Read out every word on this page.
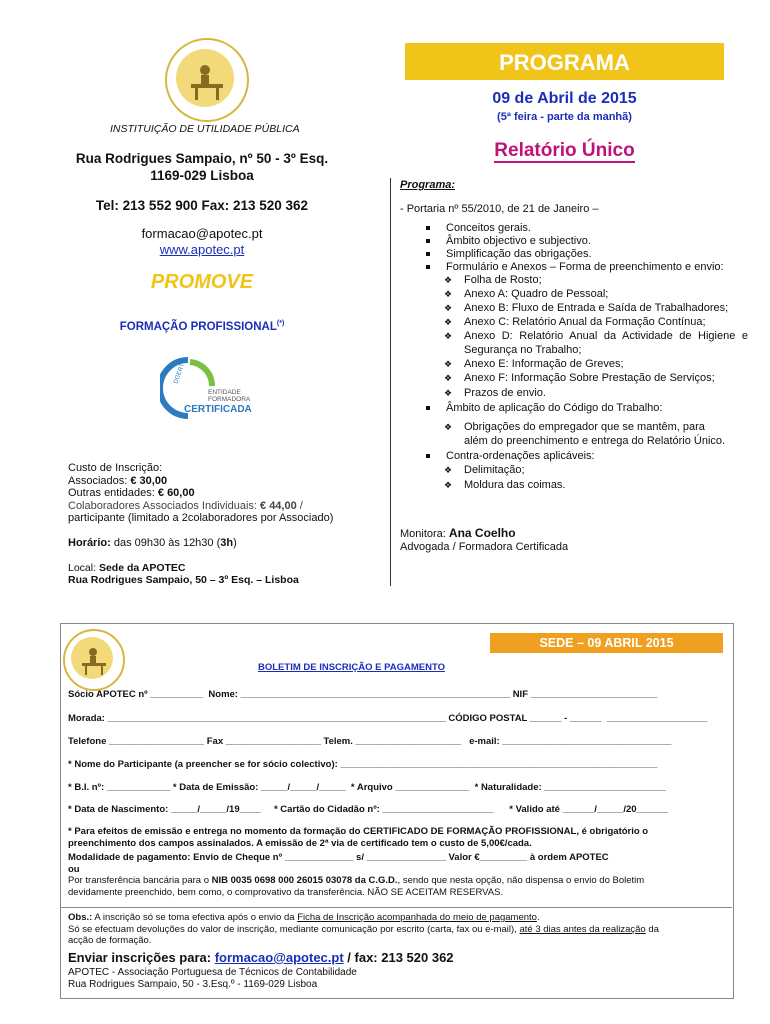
INSTITUIÇÃO DE UTILIDADE PÚBLICA
Rua Rodrigues Sampaio, nº 50 - 3º Esq.
1169-029 Lisboa
Tel: 213 552 900 Fax: 213 520 362
formacao@apotec.pt
www.apotec.pt
PROMOVE
FORMAÇÃO PROFISSIONAL(*)
DGERT
ENTIDADE
FORMADORA
CERTIFICADA
Custo de Inscrição:
Associados: € 30,00
Outras entidades: € 60,00
Colaboradores Associados Individuais: € 44,00 /
participante (limitado a 2colaboradores por Associado)
Horário: das 09h30 às 12h30 (3h)
Local: Sede da APOTEC
Rua Rodrigues Sampaio, 50 – 3º Esq. – Lisboa
PROGRAMA
09 de Abril de 2015
(5ª feira - parte da manhã)
Relatório Único
Programa:
- Portaria nº 55/2010, de 21 de Janeiro –
Conceitos gerais.
Âmbito objectivo e subjectivo.
Simplificação das obrigações.
Formulário e Anexos – Forma de preenchimento e envio:
❖ Folha de Rosto;
❖ Anexo A: Quadro de Pessoal;
❖ Anexo B: Fluxo de Entrada e Saída de Trabalhadores;
❖ Anexo C: Relatório Anual da Formação Contínua;
❖ Anexo D: Relatório Anual da Actividade de Higiene e
Segurança no Trabalho;
❖ Anexo E: Informação de Greves;
❖ Anexo F: Informação Sobre Prestação de Serviços;
❖ Prazos de envio.
Âmbito de aplicação do Código do Trabalho:
❖ Obrigações do empregador que se mantêm, para
além do preenchimento e entrega do Relatório Único.
Contra-ordenações aplicáveis:
❖ Delimitação;
❖ Moldura das coimas.
Monitora: Ana Coelho
Advogada / Formadora Certificada
SEDE – 09 ABRIL 2015
BOLETIM DE INSCRIÇÃO E PAGAMENTO
Sócio APOTEC nº __________  Nome: ___________________________________________________ NIF ________________________
Morada: ________________________________________________________________ CÓDIGO POSTAL ______ - ______  ___________________
Telefone __________________ Fax __________________ Telem. ____________________   e-mail: ________________________________
* Nome do Participante (a preencher se for sócio colectivo): ____________________________________________________________
* B.I. nº: ____________ * Data de Emissão: _____/_____/_____  * Arquivo ______________  * Naturalidade: _______________________
* Data de Nascimento: _____/_____/19____     * Cartão do Cidadão nº: _____________________      * Valido até ______/_____/20______
* Para efeitos de emissão e entrega no momento da formação do CERTIFICADO DE FORMAÇÃO PROFISSIONAL, é obrigatório o
preenchimento dos campos assinalados. A emissão de 2ª via de certificado tem o custo de 5,00€/cada.
Modalidade de pagamento: Envio de Cheque nº _____________ s/ _______________ Valor €_________ à ordem APOTEC
ou
Por transferência bancária para o NIB 0035 0698 000 26015 03078 da C.G.D., sendo que nesta opção, não dispensa o envio do Boletim
devidamente preenchido, bem como, o comprovativo da transferência. NÃO SE ACEITAM RESERVAS.
Obs.: A inscrição só se toma efectiva após o envio da Ficha de Inscrição acompanhada do meio de pagamento.
Só se efectuam devoluções do valor de inscrição, mediante comunicação por escrito (carta, fax ou e-mail), até 3 dias antes da realização da
acção de formação.
Enviar inscrições para: formacao@apotec.pt / fax: 213 520 362
APOTEC - Associação Portuguesa de Técnicos de Contabilidade
Rua Rodrigues Sampaio, 50 - 3.Esq.º - 1169-029 Lisboa
